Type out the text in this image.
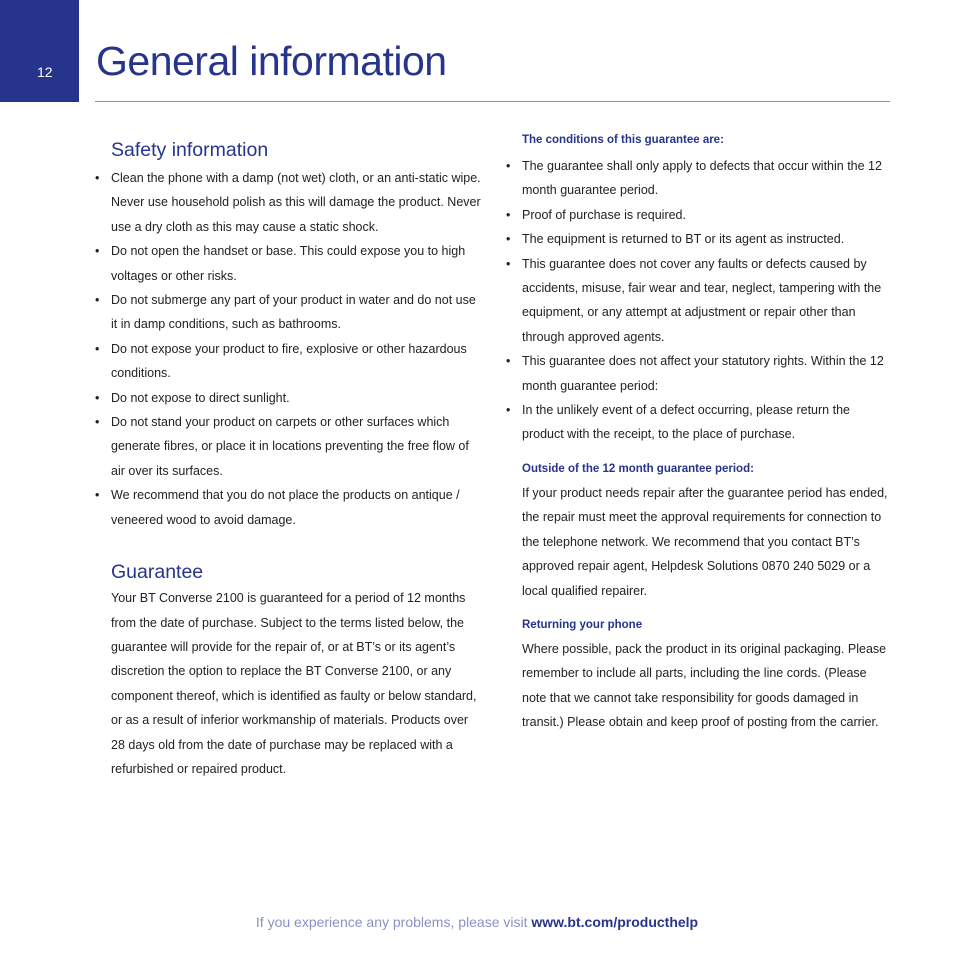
12 General information
Safety information
• Clean the phone with a damp (not wet) cloth, or an anti-static wipe. Never use household polish as this will damage the product. Never use a dry cloth as this may cause a static shock.
• Do not open the handset or base. This could expose you to high voltages or other risks.
• Do not submerge any part of your product in water and do not use it in damp conditions, such as bathrooms.
• Do not expose your product to fire, explosive or other hazardous conditions.
• Do not expose to direct sunlight.
• Do not stand your product on carpets or other surfaces which generate fibres, or place it in locations preventing the free flow of air over its surfaces.
• We recommend that you do not place the products on antique / veneered wood to avoid damage.
Guarantee

Your BT Converse 2100 is guaranteed for a period of 12 months from the date of purchase. Subject to the terms listed below, the guarantee will provide for the repair of, or at BT’s or its agent’s discretion the option to replace the BT Converse 2100, or any component thereof, which is identified as faulty or below standard, or as a result of inferior workmanship of materials. Products over 28 days old from the date of purchase may be replaced with a refurbished or repaired product.

The conditions of this guarantee are:
• The guarantee shall only apply to defects that occur within the 12 month guarantee period.
• Proof of purchase is required.
• The equipment is returned to BT or its agent as instructed.
• This guarantee does not cover any faults or defects caused by accidents, misuse, fair wear and tear, neglect, tampering with the equipment, or any attempt at adjustment or repair other than through approved agents.
• This guarantee does not affect your statutory rights. Within the 12 month guarantee period:
• In the unlikely event of a defect occurring, please return the product with the receipt, to the place of purchase.
Outside of the 12 month guarantee period:

If your product needs repair after the guarantee period has ended, the repair must meet the approval requirements for connection to the telephone network. We recommend that you contact BT’s approved repair agent, Helpdesk Solutions 0870 240 5029 or a local qualified repairer.

Returning your phone

Where possible, pack the product in its original packaging. Please remember to include all parts, including the line cords. (Please note that we cannot take responsibility for goods damaged in transit.) Please obtain and keep proof of posting from the carrier.

If you experience any problems, please visit www.bt.com/producthelp
